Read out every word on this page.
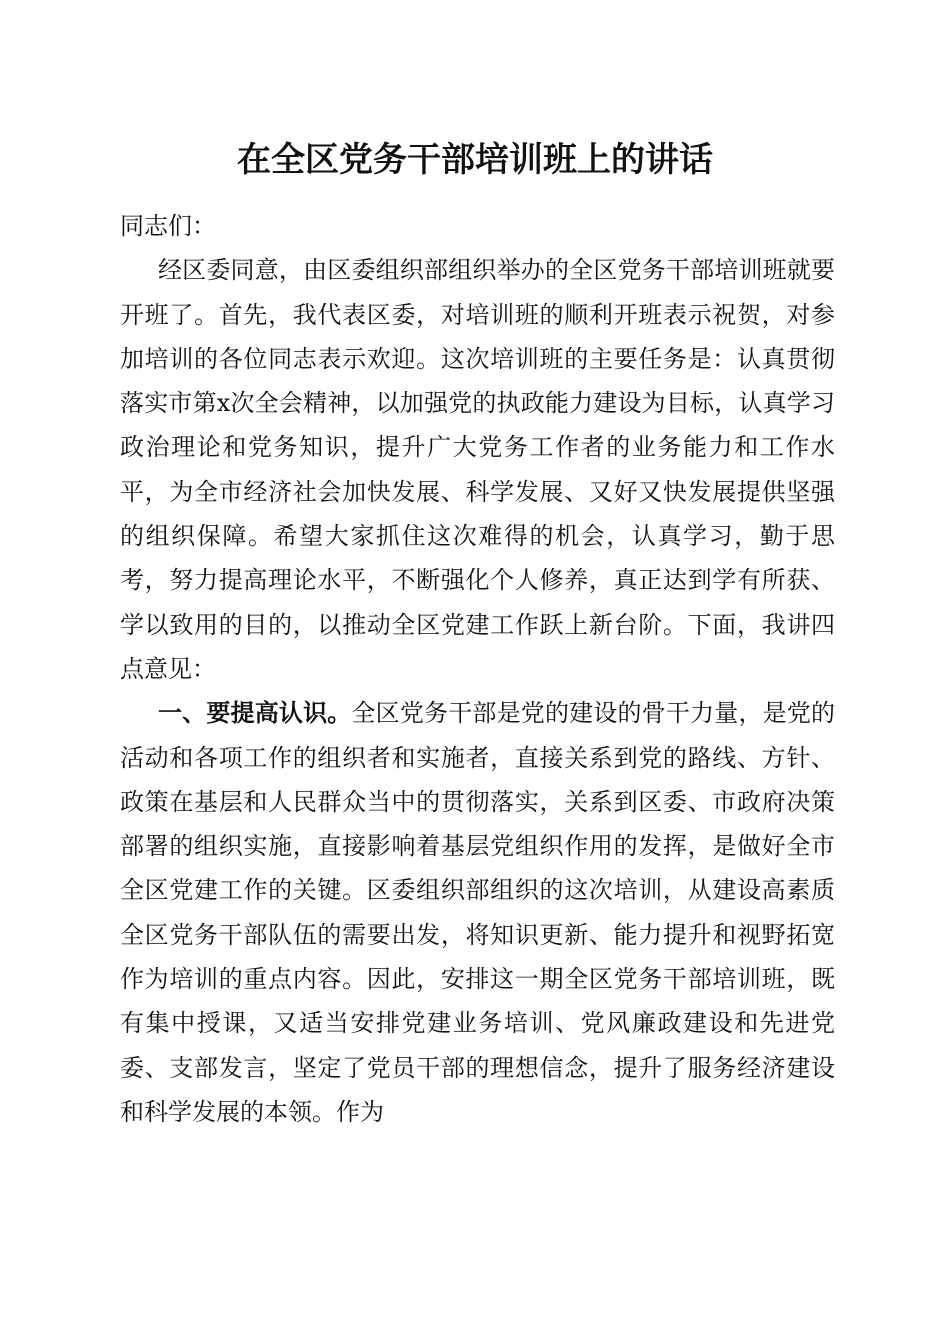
在全区党务干部培训班上的讲话

同志们：

经区委同意，由区委组织部组织举办的全区党务干部培训班就要开班了。首先，我代表区委，对培训班的顺利开班表示祝贺，对参加培训的各位同志表示欢迎。这次培训班的主要任务是：认真贯彻落实市第x次全会精神，以加强党的执政能力建设为目标，认真学习政治理论和党务知识，提升广大党务工作者的业务能力和工作水平，为全市经济社会加快发展、科学发展、又好又快发展提供坚强的组织保障。希望大家抓住这次难得的机会，认真学习，勤于思考，努力提高理论水平，不断强化个人修养，真正达到学有所获、学以致用的目的，以推动全区党建工作跃上新台阶。下面，我讲四点意见：

一、要提高认识。全区党务干部是党的建设的骨干力量，是党的活动和各项工作的组织者和实施者，直接关系到党的路线、方针、政策在基层和人民群众当中的贯彻落实，关系到区委、市政府决策部署的组织实施，直接影响着基层党组织作用的发挥，是做好全市全区党建工作的关键。区委组织部组织的这次培训，从建设高素质全区党务干部队伍的需要出发，将知识更新、能力提升和视野拓宽作为培训的重点内容。因此，安排这一期全区党务干部培训班，既有集中授课，又适当安排党建业务培训、党风廉政建设和先进党委、支部发言，坚定了党员干部的理想信念，提升了服务经济建设和科学发展的本领。作为
